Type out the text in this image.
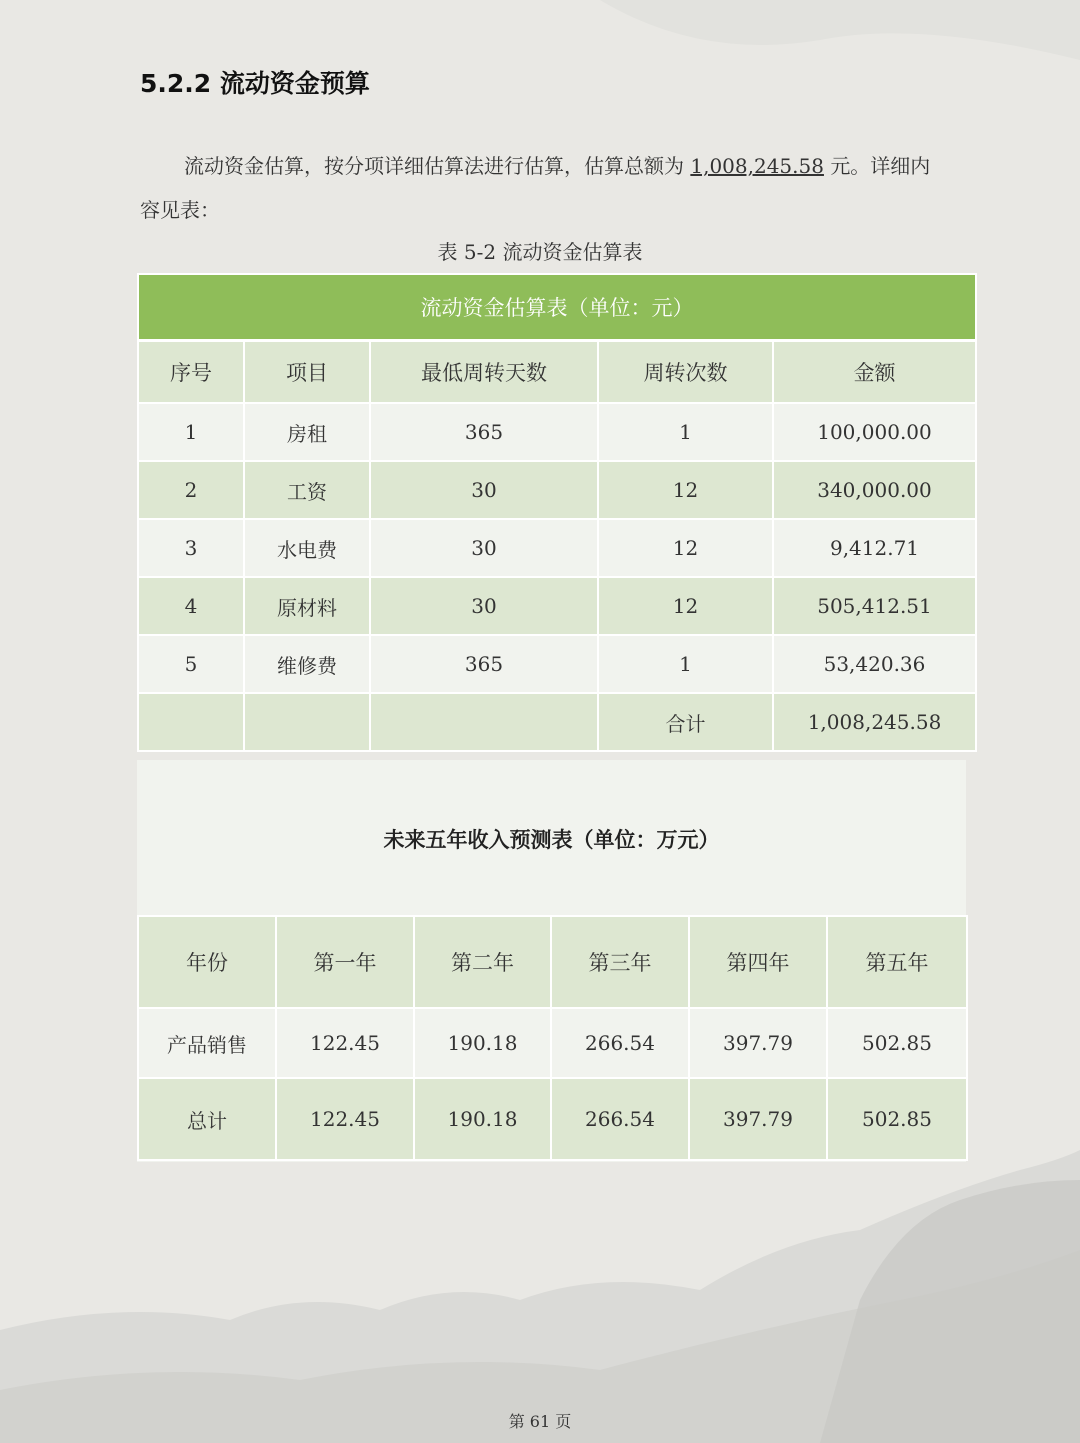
5.2.2 流动资金预算
流动资金估算，按分项详细估算法进行估算，估算总额为 1,008,245.58 元。详细内容见表：
表 5-2 流动资金估算表
流动资金估算表（单位：元）				
序号	项目	最低周转天数	周转次数	金额
1	房租	365	1	100,000.00
2	工资	30	12	340,000.00
3	水电费	30	12	9,412.71
4	原材料	30	12	505,412.51
5	维修费	365	1	53,420.36
			合计	1,008,245.58
未来五年收入预测表（单位：万元）
年份	第一年	第二年	第三年	第四年	第五年
产品销售	122.45	190.18	266.54	397.79	502.85
总计	122.45	190.18	266.54	397.79	502.85
第 61 页
